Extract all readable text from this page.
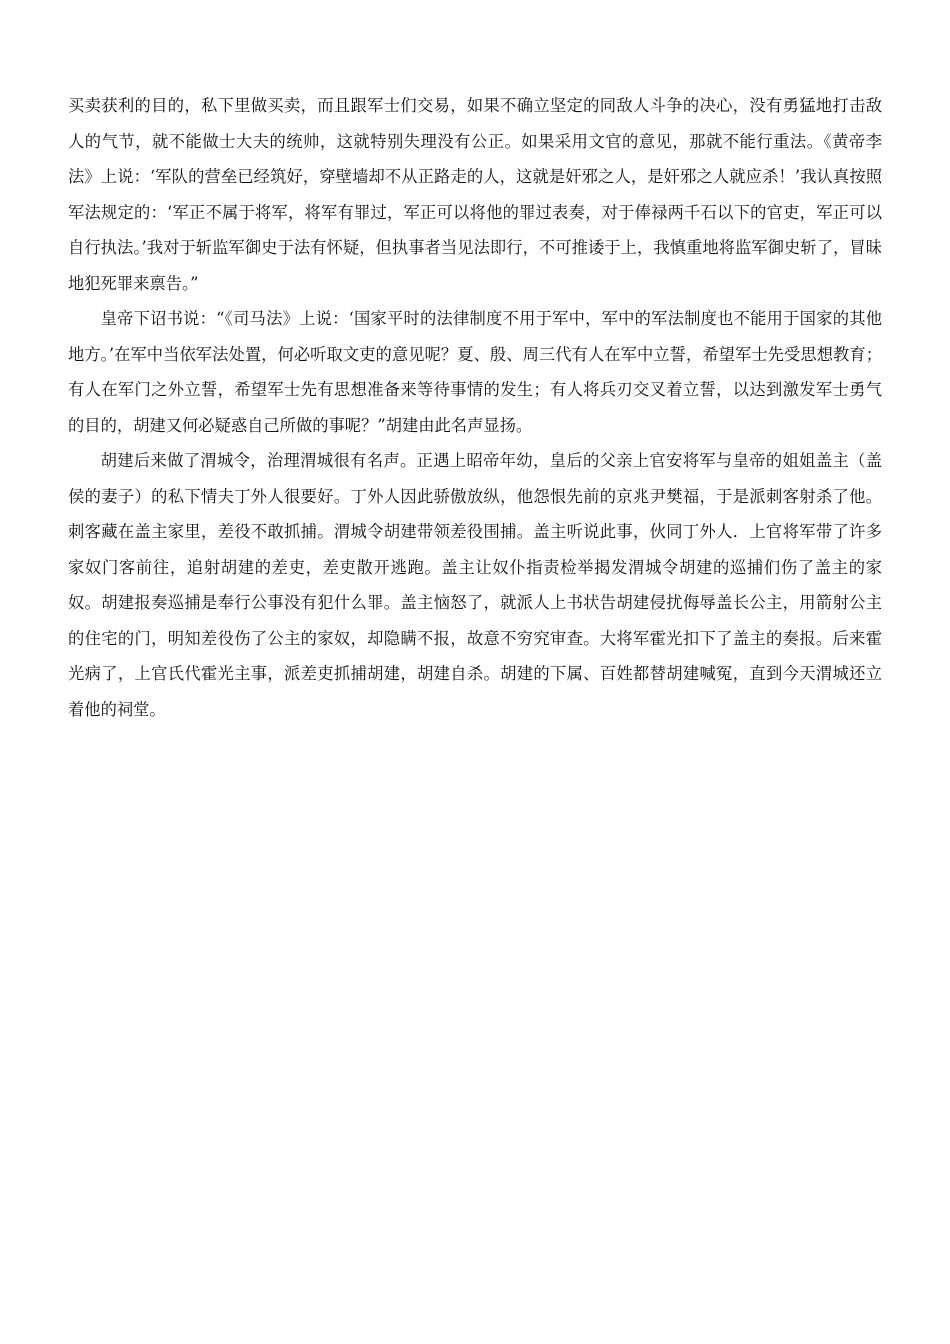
买卖获利的目的，私下里做买卖，而且跟军士们交易，如果不确立坚定的同敌人斗争的决心，没有勇猛地打击敌人的气节，就不能做士大夫的统帅，这就特别失理没有公正。如果采用文官的意见，那就不能行重法。《黄帝李法》上说：‘军队的营垒已经筑好，穿壁墙却不从正路走的人，这就是奸邪之人，是奸邪之人就应杀！’我认真按照军法规定的：‘军正不属于将军，将军有罪过，军正可以将他的罪过表奏，对于俸禄两千石以下的官吏，军正可以自行执法。’我对于斩监军御史于法有怀疑，但执事者当见法即行，不可推诿于上，我慎重地将监军御史斩了，冒昧地犯死罪来禀告。”

皇帝下诏书说：“《司马法》上说：‘国家平时的法律制度不用于军中，军中的军法制度也不能用于国家的其他地方。’在军中当依军法处置，何必听取文吏的意见呢？夏、殷、周三代有人在军中立誓，希望军士先受思想教育；有人在军门之外立誓，希望军士先有思想准备来等待事情的发生；有人将兵刃交叉着立誓，以达到激发军士勇气的目的，胡建又何必疑惑自己所做的事呢？”胡建由此名声显扬。

胡建后来做了渭城令，治理渭城很有名声。正遇上昭帝年幼，皇后的父亲上官安将军与皇帝的姐姐盖主（盖侯的妻子）的私下情夫丁外人很要好。丁外人因此骄傲放纵，他怨恨先前的京兆尹樊福，于是派刺客射杀了他。刺客藏在盖主家里，差役不敢抓捕。渭城令胡建带领差役围捕。盖主听说此事，伙同丁外人．上官将军带了许多家奴门客前往，追射胡建的差吏，差吏散开逃跑。盖主让奴仆指责检举揭发渭城令胡建的巡捕们伤了盖主的家奴。胡建报奏巡捕是奉行公事没有犯什么罪。盖主恼怒了，就派人上书状告胡建侵扰侮辱盖长公主，用箭射公主的住宅的门，明知差役伤了公主的家奴，却隐瞒不报，故意不穷究审查。大将军霍光扣下了盖主的奏报。后来霍光病了，上官氏代霍光主事，派差吏抓捕胡建，胡建自杀。胡建的下属、百姓都替胡建喊冤，直到今天渭城还立着他的祠堂。
